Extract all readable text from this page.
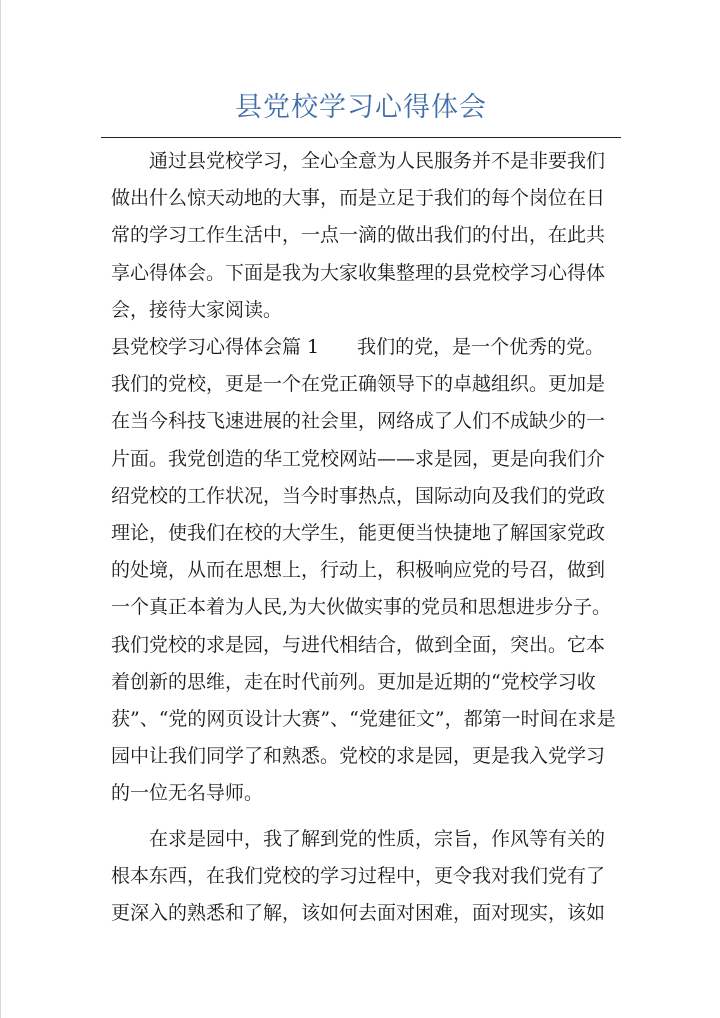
县党校学习心得体会

通过县党校学习，全心全意为人民服务并不是非要我们

做出什么惊天动地的大事，而是立足于我们的每个岗位在日

常的学习工作生活中，一点一滴的做出我们的付出，在此共

享心得体会。下面是我为大家收集整理的县党校学习心得体

会，接待大家阅读。

县党校学习心得体会篇 1　　我们的党，是一个优秀的党。

我们的党校，更是一个在党正确领导下的卓越组织。更加是

在当今科技飞速进展的社会里，网络成了人们不成缺少的一

片面。我党创造的华工党校网站——求是园，更是向我们介

绍党校的工作状况，当今时事热点，国际动向及我们的党政

理论，使我们在校的大学生，能更便当快捷地了解国家党政

的处境，从而在思想上，行动上，积极响应党的号召，做到

一个真正本着为人民,为大伙做实事的党员和思想进步分子。

我们党校的求是园，与进代相结合，做到全面，突出。它本

着创新的思维，走在时代前列。更加是近期的“党校学习收

获”、“党的网页设计大赛”、“党建征文”，都第一时间在求是

园中让我们同学了和熟悉。党校的求是园，更是我入党学习

的一位无名导师。

在求是园中，我了解到党的性质，宗旨，作风等有关的

根本东西，在我们党校的学习过程中，更令我对我们党有了

更深入的熟悉和了解，该如何去面对困难，面对现实，该如
